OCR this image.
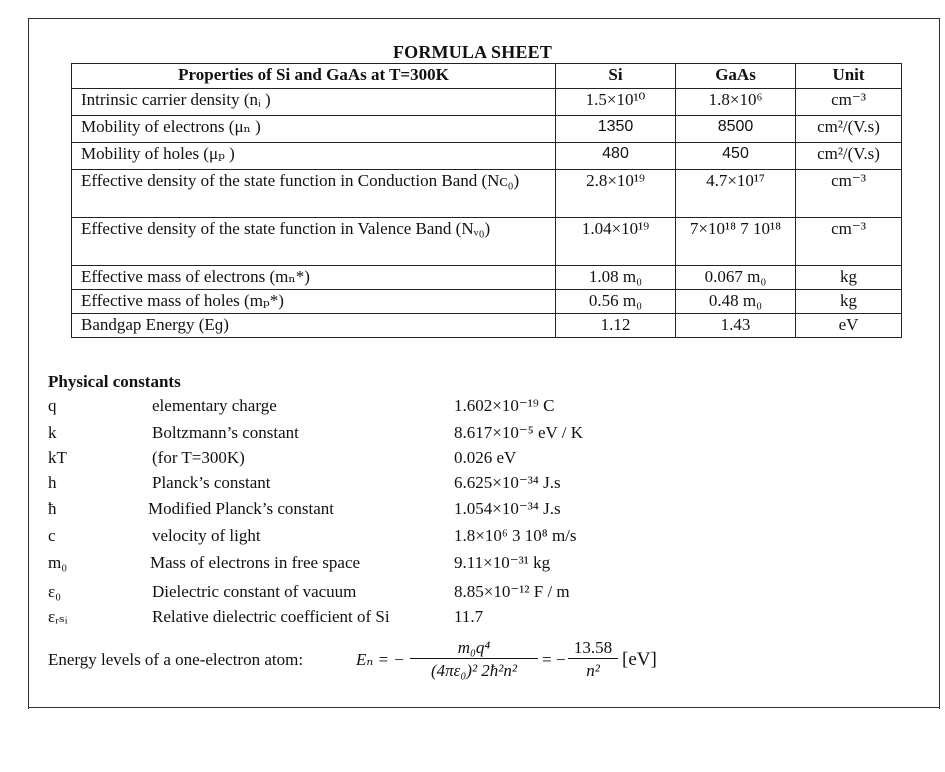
FORMULA SHEET
Properties of Si and GaAs at T=300K	Si	GaAs	Unit
Intrinsic carrier density (nᵢ )	1.5×10¹⁰	1.8×10⁶	cm⁻³
Mobility of electrons (μₙ )	1350	8500	cm²/(V.s)
Mobility of holes (μₚ )	480	450	cm²/(V.s)
Effective density of the state function in Conduction Band (Nᴄ₀)	2.8×10¹⁹	4.7×10¹⁷	cm⁻³
Effective density of the state function in Valence Band (Nᵥ₀)	1.04×10¹⁹	7×10¹⁸ 7 10¹⁸	cm⁻³
Effective mass of electrons (mₙ*)	1.08 m₀	0.067 m₀	kg
Effective mass of holes (mₚ*)	0.56 m₀	0.48 m₀	kg
Bandgap Energy (Eɡ)	1.12	1.43	eV
Physical constants
q	elementary charge	1.602×10⁻¹⁹ C
k	Boltzmann’s constant	8.617×10⁻⁵ eV / K
kT	(for T=300K)	0.026 eV
h	Planck’s constant	6.625×10⁻³⁴ J.s
ħ	Modified Planck’s constant	1.054×10⁻³⁴ J.s
c	velocity of light	1.8×10⁶ 3 10⁸ m/s
m₀	Mass of electrons in free space	9.11×10⁻³¹ kg
ε₀	Dielectric constant of vacuum	8.85×10⁻¹² F / m
εᵣₛᵢ	Relative dielectric coefficient of Si	11.7
Energy levels of a one-electron atom:	Eₙ = − $\frac{\text{m₀q⁴}}{\text{(4πε₀)² 2ħ²n²}}$ = − $\frac{13.58}{\text{n²}} [eV]$
